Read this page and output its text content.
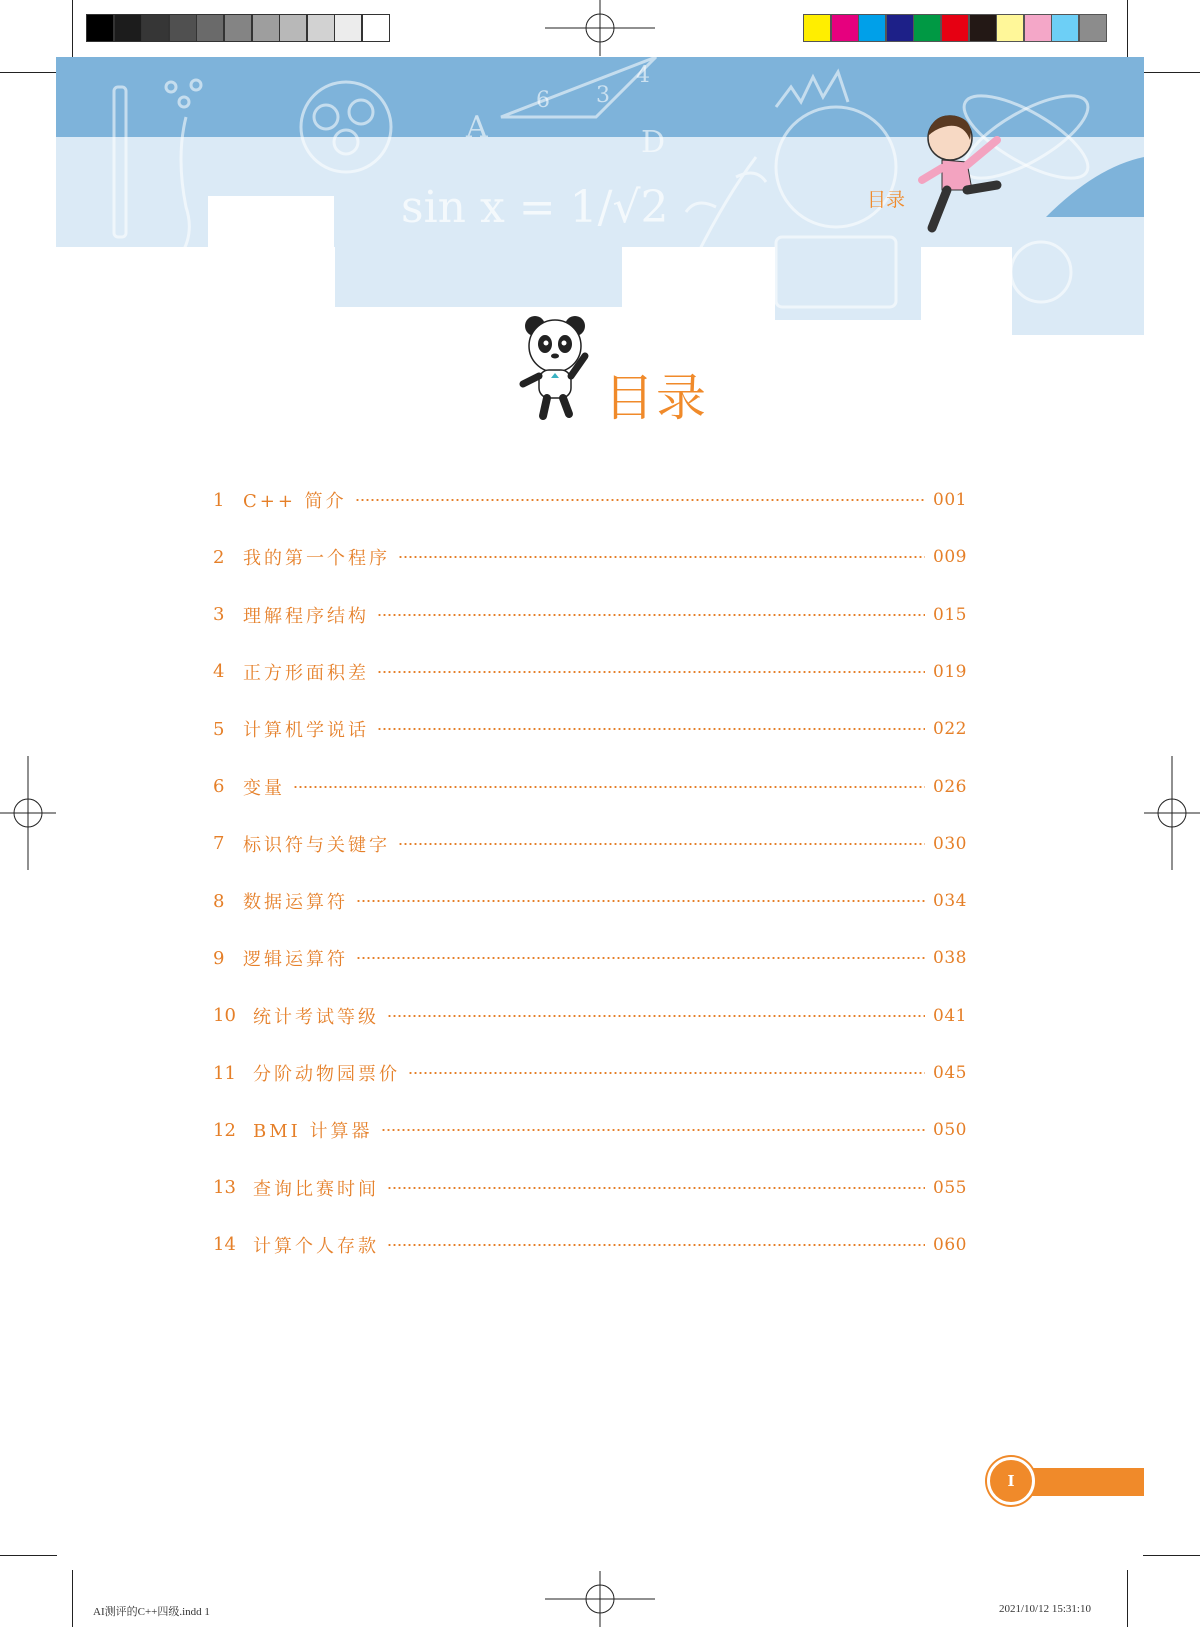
6 3
4
A	D
sin x = 1/√2	目录
目录
1	C++ 简介	001
2	我的第一个程序	009
3	理解程序结构	015
4	正方形面积差	019
5	计算机学说话	022
6	变量	026
7	标识符与关键字	030
8	数据运算符	034
9	逻辑运算符	038
10 统计考试等级	041
11 分阶动物园票价	045
12 BMI 计算器	050
13 查询比赛时间	055
14 计算个人存款	060
I
AI测评的C++四级.indd 1	2021/10/12 15:31:10
